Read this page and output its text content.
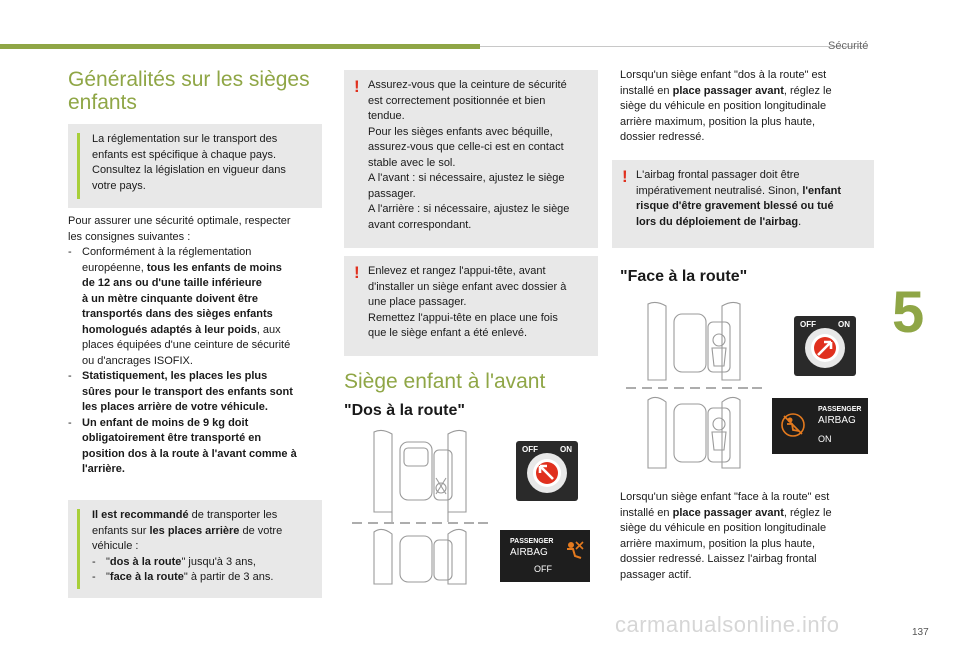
Sécurité
5
Généralités sur les sièges
enfants
La réglementation sur le transport des
enfants est spécifique à chaque pays.
Consultez la législation en vigueur dans
votre pays.
Pour assurer une sécurité optimale, respecter
les consignes suivantes :
- Conformément à la réglementation
européenne, tous les enfants de moins
de 12 ans ou d'une taille inférieure
à un mètre cinquante doivent être
transportés dans des sièges enfants
homologués adaptés à leur poids, aux
places équipées d'une ceinture de sécurité
ou d'ancrages ISOFIX.
- Statistiquement, les places les plus
sûres pour le transport des enfants sont
les places arrière de votre véhicule.
- Un enfant de moins de 9 kg doit
obligatoirement être transporté en
position dos à la route à l'avant comme à
l'arrière.
Il est recommandé de transporter les
enfants sur les places arrière de votre
véhicule :
- "dos à la route" jusqu'à 3 ans,
- "face à la route" à partir de 3 ans.
! Assurez-vous que la ceinture de sécurité
est correctement positionnée et bien
tendue.
Pour les sièges enfants avec béquille,
assurez-vous que celle-ci est en contact
stable avec le sol.
A l'avant : si nécessaire, ajustez le siège
passager.
A l'arrière : si nécessaire, ajustez le siège
avant correspondant.
! Enlevez et rangez l'appui-tête, avant
d'installer un siège enfant avec dossier à
une place passager.
Remettez l'appui-tête en place une fois
que le siège enfant a été enlevé.
Siège enfant à l'avant
"Dos à la route"
OFF	ON
PASSENGER
AIRBAG
OFF
Lorsqu'un siège enfant "dos à la route" est
installé en place passager avant, réglez le
siège du véhicule en position longitudinale
arrière maximum, position la plus haute,
dossier redressé.
! L'airbag frontal passager doit être
impérativement neutralisé. Sinon, l'enfant
risque d'être gravement blessé ou tué
lors du déploiement de l'airbag.
"Face à la route"
OFF	ON
PASSENGER
AIRBAG
ON
Lorsqu'un siège enfant "face à la route" est
installé en place passager avant, réglez le
siège du véhicule en position longitudinale
arrière maximum, position la plus haute,
dossier redressé. Laissez l'airbag frontal
passager actif.
carmanualsonline.info	137
